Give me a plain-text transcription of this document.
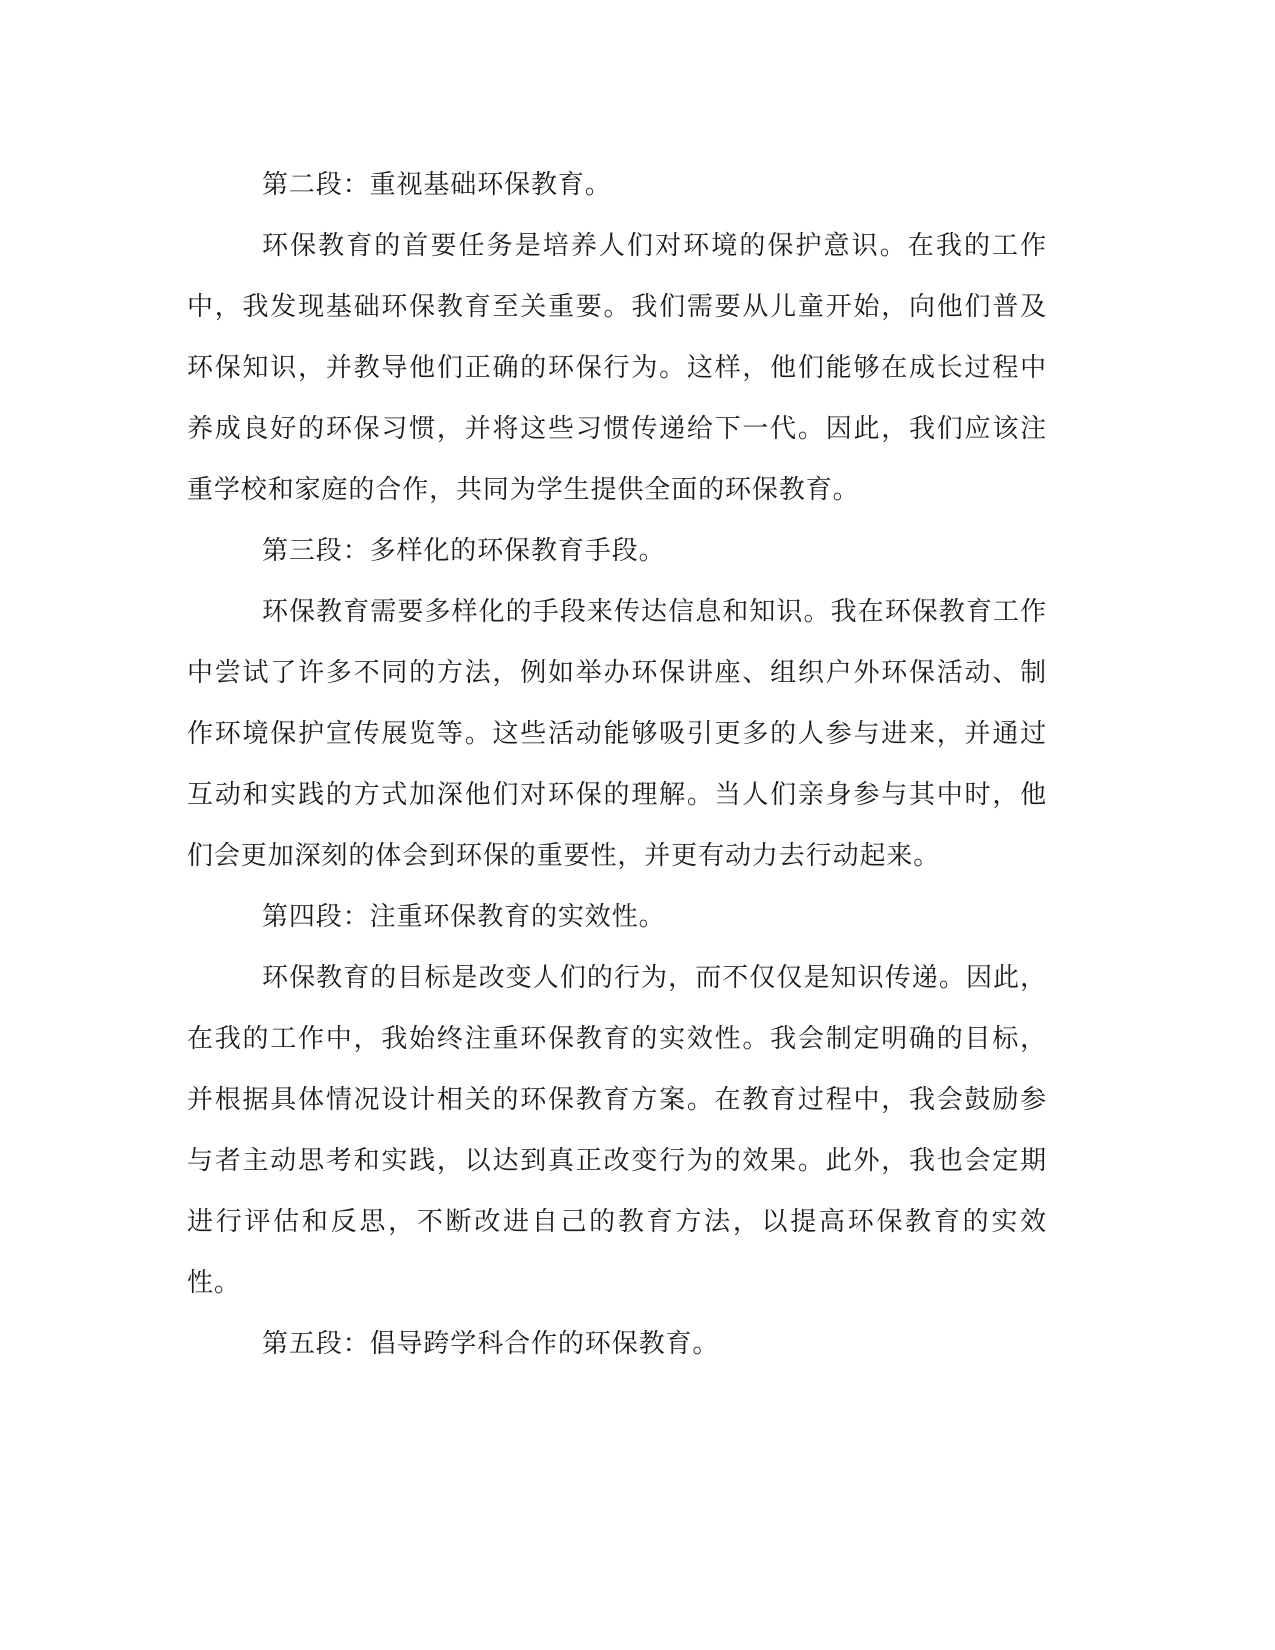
第二段：重视基础环保教育。

环保教育的首要任务是培养人们对环境的保护意识。在我的工作中，我发现基础环保教育至关重要。我们需要从儿童开始，向他们普及环保知识，并教导他们正确的环保行为。这样，他们能够在成长过程中养成良好的环保习惯，并将这些习惯传递给下一代。因此，我们应该注重学校和家庭的合作，共同为学生提供全面的环保教育。

第三段：多样化的环保教育手段。

环保教育需要多样化的手段来传达信息和知识。我在环保教育工作中尝试了许多不同的方法，例如举办环保讲座、组织户外环保活动、制作环境保护宣传展览等。这些活动能够吸引更多的人参与进来，并通过互动和实践的方式加深他们对环保的理解。当人们亲身参与其中时，他们会更加深刻的体会到环保的重要性，并更有动力去行动起来。

第四段：注重环保教育的实效性。

环保教育的目标是改变人们的行为，而不仅仅是知识传递。因此，在我的工作中，我始终注重环保教育的实效性。我会制定明确的目标，并根据具体情况设计相关的环保教育方案。在教育过程中，我会鼓励参与者主动思考和实践，以达到真正改变行为的效果。此外，我也会定期进行评估和反思，不断改进自己的教育方法，以提高环保教育的实效性。

第五段：倡导跨学科合作的环保教育。
